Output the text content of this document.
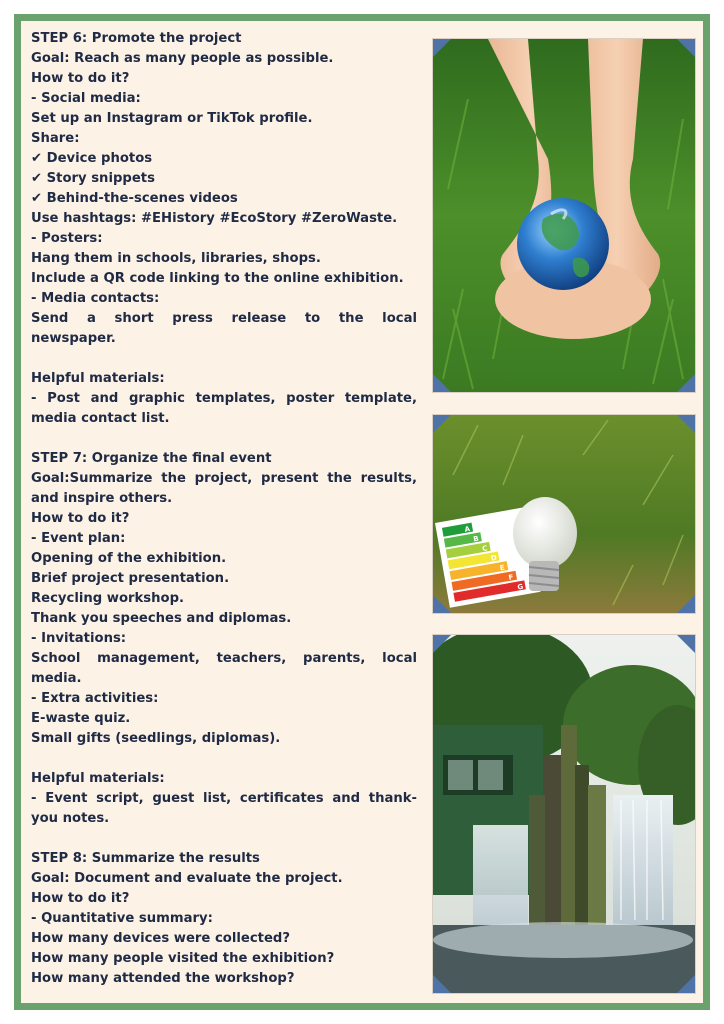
STEP 6: Promote the project
Goal: Reach as many people as possible.
How to do it?
- Social media:
Set up an Instagram or TikTok profile.
Share:
✔ Device photos
✔ Story snippets
✔ Behind-the-scenes videos
Use hashtags: #EHistory #EcoStory #ZeroWaste.
- Posters:
Hang them in schools, libraries, shops.
Include a QR code linking to the online exhibition.
- Media contacts:
Send a short press release to the local
newspaper.
Helpful materials:
- Post and graphic templates, poster template,
media contact list.
STEP 7: Organize the final event
Goal:Summarize the project, present the results,
and inspire others.
How to do it?
- Event plan:
Opening of the exhibition.
Brief project presentation.
Recycling workshop.
Thank you speeches and diplomas.
- Invitations:
School management, teachers, parents, local
media.
- Extra activities:
E-waste quiz.
Small gifts (seedlings, diplomas).
Helpful materials:
- Event script, guest list, certificates and thank-
you notes.
STEP 8: Summarize the results
Goal: Document and evaluate the project.
How to do it?
- Quantitative summary:
How many devices were collected?
How many people visited the exhibition?
How many attended the workshop?
A
B
C
D
E
F
G
